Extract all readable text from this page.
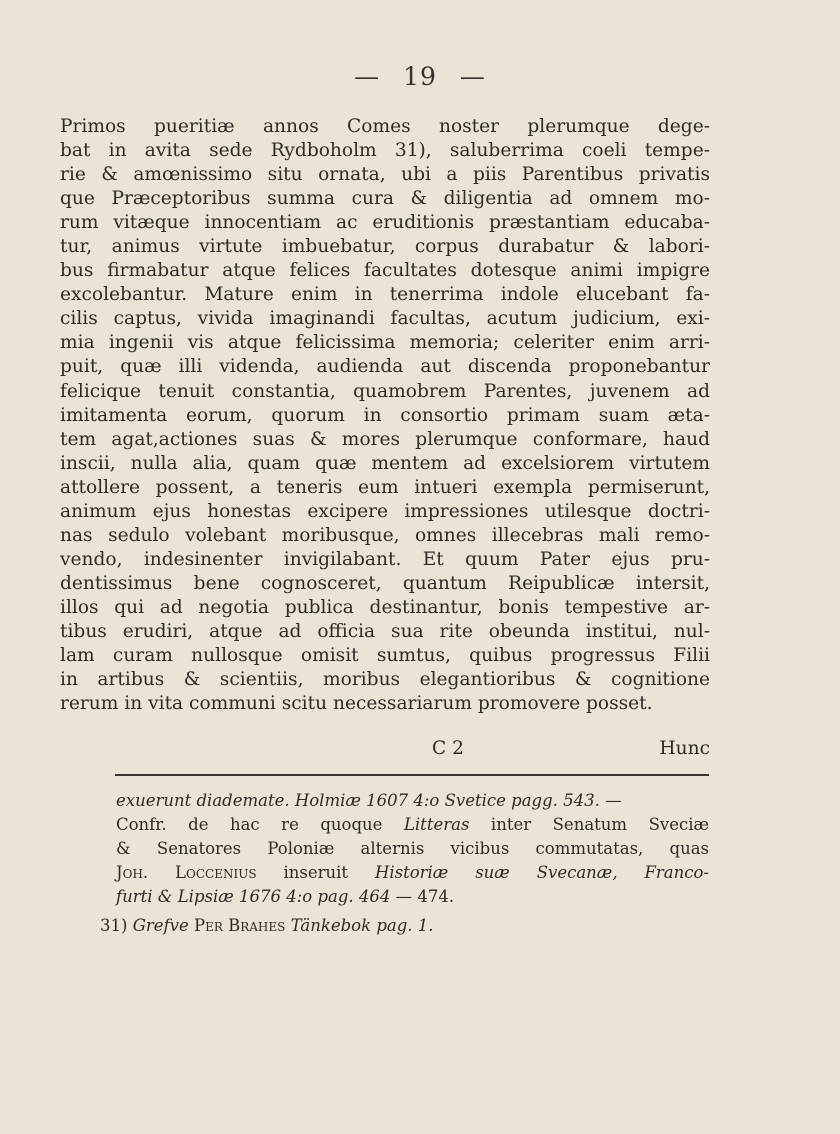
— 19 —
Primos pueritiæ annos Comes noster plerumque dege-
bat in avita sede Rydboholm 31), saluberrima coeli tempe-
rie & amœnissimo situ ornata, ubi a piis Parentibus privatis
que Præceptoribus summa cura & diligentia ad omnem mo-
rum vitæque innocentiam ac eruditionis præstantiam educaba-
tur, animus virtute imbuebatur, corpus durabatur & labori-
bus firmabatur atque felices facultates dotesque animi impigre
excolebantur. Mature enim in tenerrima indole elucebant fa-
cilis captus, vivida imaginandi facultas, acutum judicium, exi-
mia ingenii vis atque felicissima memoria; celeriter enim arri-
puit, quæ illi videnda, audienda aut discenda proponebantur
felicique tenuit constantia, quamobrem Parentes, juvenem ad
imitamenta eorum, quorum in consortio primam suam æta-
tem agat,actiones suas & mores plerumque conformare, haud
inscii, nulla alia, quam quæ mentem ad excelsiorem virtutem
attollere possent, a teneris eum intueri exempla permiserunt,
animum ejus honestas excipere impressiones utilesque doctri-
nas sedulo volebant moribusque, omnes illecebras mali remo-
vendo, indesinenter invigilabant. Et quum Pater ejus pru-
dentissimus bene cognosceret, quantum Reipublicæ intersit,
illos qui ad negotia publica destinantur, bonis tempestive ar-
tibus erudiri, atque ad officia sua rite obeunda institui, nul-
lam curam nullosque omisit sumtus, quibus progressus Filii
in artibus & scientiis, moribus elegantioribus & cognitione
rerum in vita communi scitu necessariarum promovere posset.
C 2	Hunc
exuerunt diademate. Holmiæ 1607 4:o Svetice pagg. 543. —
Confr. de hac re quoque Litteras inter Senatum Sveciæ
& Senatores Poloniæ alternis vicibus commutatas, quas
Joh. Loccenius inseruit Historiæ suæ Svecanæ, Franco-
furti & Lipsiæ 1676 4:o pag. 464 — 474.
31) Grefve Per Brahes Tänkebok pag. 1.
